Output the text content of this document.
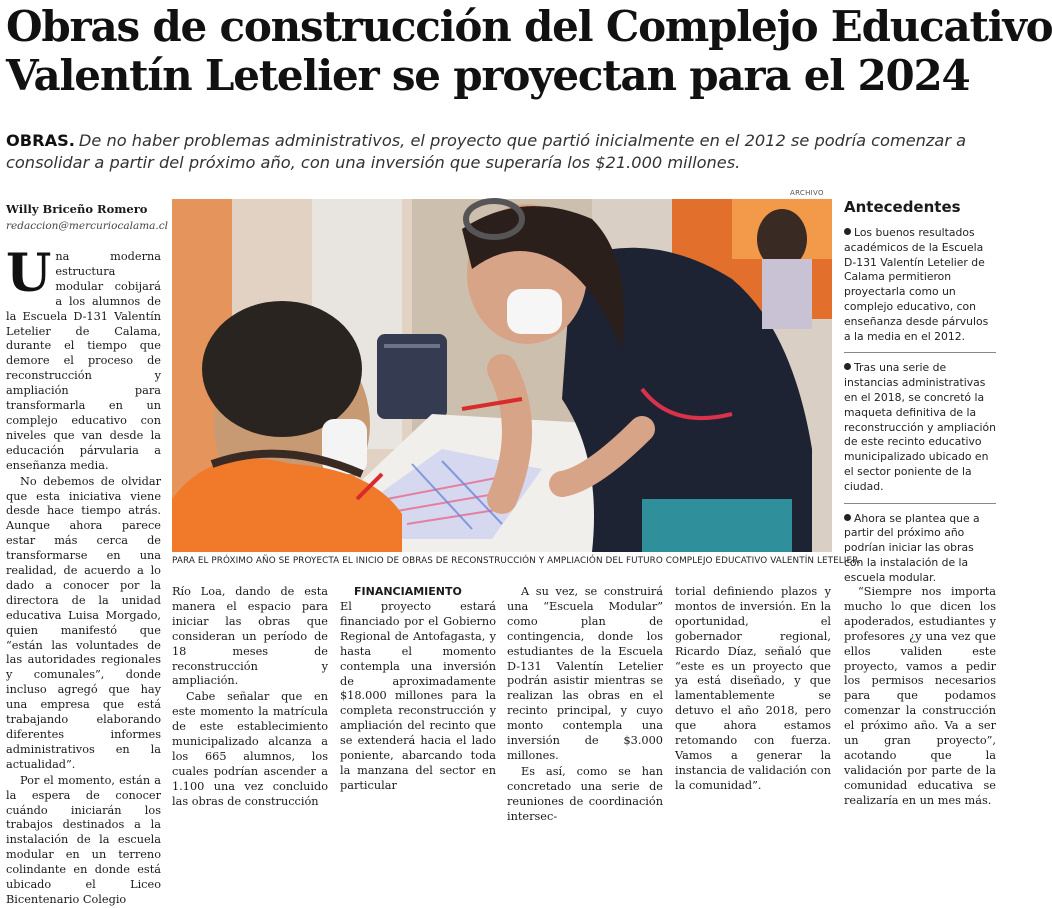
Obras de construcción del Complejo Educativo
Valentín Letelier se proyectan para el 2024
OBRAS. De no haber problemas administrativos, el proyecto que partió inicialmente en el 2012 se podría comenzar a consolidar a partir del próximo año, con una inversión que superaría los $21.000 millones.
Willy Briceño Romero
redaccion@mercuriocalama.cl

Una moderna estructura modular cobijará a los alumnos de la Escuela D-131 Valentín Letelier de Calama, durante el tiempo que demore el proceso de reconstrucción y ampliación para transformarla en un complejo educativo con niveles que van desde la educación párvularia a enseñanza media.

No debemos de olvidar que esta iniciativa viene desde hace tiempo atrás. Aunque ahora parece estar más cerca de transformarse en una realidad, de acuerdo a lo dado a conocer por la directora de la unidad educativa Luisa Morgado, quien manifestó que “están las voluntades de las autoridades regionales y comunales”, donde incluso agregó que hay una empresa que está trabajando elaborando diferentes informes administrativos en la actualidad”.

Por el momento, están a la espera de conocer cuándo iniciarán los trabajos destinados a la instalación de la escuela modular en un terreno colindante en donde está ubicado el Liceo Bicentenario Colegio

ARCHIVO
PARA EL PRÓXIMO AÑO SE PROYECTA EL INICIO DE OBRAS DE RECONSTRUCCIÓN Y AMPLIACIÓN DEL FUTURO COMPLEJO EDUCATIVO VALENTÍN LETELIER.

Río Loa, dando de esta manera el espacio para iniciar las obras que consideran un período de 18 meses de reconstrucción y ampliación.

Cabe señalar que en este momento la matrícula de este establecimiento municipalizado alcanza a los 665 alumnos, los cuales podrían ascender a 1.100 una vez concluido las obras de construcción

FINANCIAMIENTO

El proyecto estará financiado por el Gobierno Regional de Antofagasta, y hasta el momento contempla una inversión de aproximadamente $18.000 millones para la completa reconstrucción y ampliación del recinto que se extenderá hacia el lado poniente, abarcando toda la manzana del sector en particular

A su vez, se construirá una “Escuela Modular” como plan de contingencia, donde los estudiantes de la Escuela D-131 Valentín Letelier podrán asistir mientras se realizan las obras en el recinto principal, y cuyo monto contempla una inversión de $3.000 millones.

Es así, como se han concretado una serie de reuniones de coordinación intersec-

torial definiendo plazos y montos de inversión. En la oportunidad, el gobernador regional, Ricardo Díaz, señaló que “este es un proyecto que ya está diseñado, y que lamentablemente se detuvo el año 2018, pero que ahora estamos retomando con fuerza. Vamos a generar la instancia de validación con la comunidad”.

“Siempre nos importa mucho lo que dicen los apoderados, estudiantes y profesores ¿y una vez que ellos validen este proyecto, vamos a pedir los permisos necesarios para que podamos comenzar la construcción el próximo año. Va a ser un gran proyecto”, acotando que la validación por parte de la comunidad educativa se realizaría en un mes más.

Antecedentes
Los buenos resultados académicos de la Escuela D-131 Valentín Letelier de Calama permitieron proyectarla como un complejo educativo, con enseñanza desde párvulos a la media en el 2012.
Tras una serie de instancias administrativas en el 2018, se concretó la maqueta definitiva de la reconstrucción y ampliación de este recinto educativo municipalizado ubicado en el sector poniente de la ciudad.
Ahora se plantea que a partir del próximo año podrían iniciar las obras con la instalación de la escuela modular.
